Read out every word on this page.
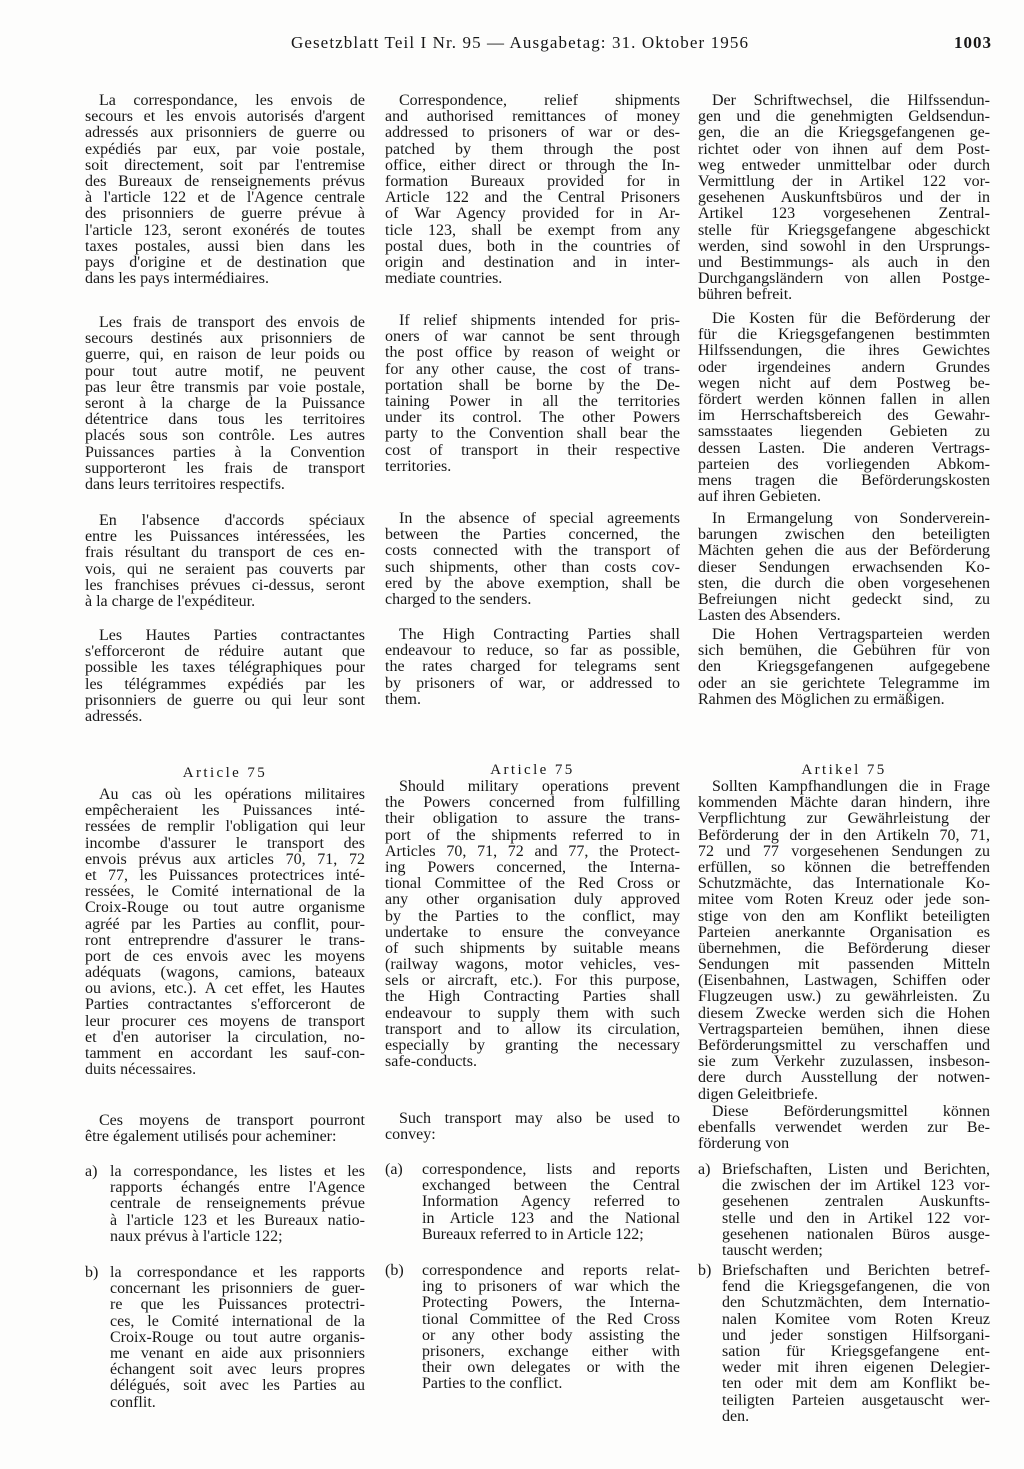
Gesetzblatt Teil I Nr. 95 — Ausgabetag: 31. Oktober 1956	1003
La correspondance, les envois de
secours et les envois autorisés d'argent
adressés aux prisonniers de guerre ou
expédiés par eux, par voie postale,
soit directement, soit par l'entremise
des Bureaux de renseignements prévus
à l'article 122 et de l'Agence centrale
des prisonniers de guerre prévue à
l'article 123, seront exonérés de toutes
taxes postales, aussi bien dans les
pays d'origine et de destination que
dans les pays intermédiaires.
Les frais de transport des envois de
secours destinés aux prisonniers de
guerre, qui, en raison de leur poids ou
pour tout autre motif, ne peuvent
pas leur être transmis par voie postale,
seront à la charge de la Puissance
détentrice dans tous les territoires
placés sous son contrôle. Les autres
Puissances parties à la Convention
supporteront les frais de transport
dans leurs territoires respectifs.
En l'absence d'accords spéciaux
entre les Puissances intéressées, les
frais résultant du transport de ces en-
vois, qui ne seraient pas couverts par
les franchises prévues ci-dessus, seront
à la charge de l'expéditeur.
Les Hautes Parties contractantes
s'efforceront de réduire autant que
possible les taxes télégraphiques pour
les télégrammes expédiés par les
prisonniers de guerre ou qui leur sont
adressés.
Article 75
Au cas où les opérations militaires
empêcheraient les Puissances inté-
ressées de remplir l'obligation qui leur
incombe d'assurer le transport des
envois prévus aux articles 70, 71, 72
et 77, les Puissances protectrices inté-
ressées, le Comité international de la
Croix-Rouge ou tout autre organisme
agréé par les Parties au conflit, pour-
ront entreprendre d'assurer le trans-
port de ces envois avec les moyens
adéquats (wagons, camions, bateaux
ou avions, etc.). A cet effet, les Hautes
Parties contractantes s'efforceront de
leur procurer ces moyens de transport
et d'en autoriser la circulation, no-
tamment en accordant les sauf-con-
duits nécessaires.
Ces moyens de transport pourront
être également utilisés pour acheminer:
a) la correspondance, les listes et les
rapports échangés entre l'Agence
centrale de renseignements prévue
à l'article 123 et les Bureaux natio-
naux prévus à l'article 122;
b) la correspondance et les rapports
concernant les prisonniers de guer-
re que les Puissances protectri-
ces, le Comité international de la
Croix-Rouge ou tout autre organis-
me venant en aide aux prisonniers
échangent soit avec leurs propres
délégués, soit avec les Parties au
conflit.
Correspondence, relief shipments
and authorised remittances of money
addressed to prisoners of war or des-
patched by them through the post
office, either direct or through the In-
formation Bureaux provided for in
Article 122 and the Central Prisoners
of War Agency provided for in Ar-
ticle 123, shall be exempt from any
postal dues, both in the countries of
origin and destination and in inter-
mediate countries.
If relief shipments intended for pris-
oners of war cannot be sent through
the post office by reason of weight or
for any other cause, the cost of trans-
portation shall be borne by the De-
taining Power in all the territories
under its control. The other Powers
party to the Convention shall bear the
cost of transport in their respective
territories.
In the absence of special agreements
between the Parties concerned, the
costs connected with the transport of
such shipments, other than costs cov-
ered by the above exemption, shall be
charged to the senders.
The High Contracting Parties shall
endeavour to reduce, so far as possible,
the rates charged for telegrams sent
by prisoners of war, or addressed to
them.
Article 75
Should military operations prevent
the Powers concerned from fulfilling
their obligation to assure the trans-
port of the shipments referred to in
Articles 70, 71, 72 and 77, the Protect-
ing Powers concerned, the Interna-
tional Committee of the Red Cross or
any other organisation duly approved
by the Parties to the conflict, may
undertake to ensure the conveyance
of such shipments by suitable means
(railway wagons, motor vehicles, ves-
sels or aircraft, etc.). For this purpose,
the High Contracting Parties shall
endeavour to supply them with such
transport and to allow its circulation,
especially by granting the necessary
safe-conducts.
Such transport may also be used to
convey:
(a) correspondence, lists and reports
exchanged between the Central
Information Agency referred to
in Article 123 and the National
Bureaux referred to in Article 122;
(b) correspondence and reports relat-
ing to prisoners of war which the
Protecting Powers, the Interna-
tional Committee of the Red Cross
or any other body assisting the
prisoners, exchange either with
their own delegates or with the
Parties to the conflict.
Der Schriftwechsel, die Hilfssendun-
gen und die genehmigten Geldsendun-
gen, die an die Kriegsgefangenen ge-
richtet oder von ihnen auf dem Post-
weg entweder unmittelbar oder durch
Vermittlung der in Artikel 122 vor-
gesehenen Auskunftsbüros und der in
Artikel 123 vorgesehenen Zentral-
stelle für Kriegsgefangene abgeschickt
werden, sind sowohl in den Ursprungs-
und Bestimmungs- als auch in den
Durchgangsländern von allen Postge-
bühren befreit.
Die Kosten für die Beförderung der
für die Kriegsgefangenen bestimmten
Hilfssendungen, die ihres Gewichtes
oder irgendeines andern Grundes
wegen nicht auf dem Postweg be-
fördert werden können fallen in allen
im Herrschaftsbereich des Gewahr-
samsstaates liegenden Gebieten zu
dessen Lasten. Die anderen Vertrags-
parteien des vorliegenden Abkom-
mens tragen die Beförderungskosten
auf ihren Gebieten.
In Ermangelung von Sonderverein-
barungen zwischen den beteiligten
Mächten gehen die aus der Beförderung
dieser Sendungen erwachsenden Ko-
sten, die durch die oben vorgesehenen
Befreiungen nicht gedeckt sind, zu
Lasten des Absenders.
Die Hohen Vertragsparteien werden
sich bemühen, die Gebühren für von
den Kriegsgefangenen aufgegebene
oder an sie gerichtete Telegramme im
Rahmen des Möglichen zu ermäßigen.
Artikel 75
Sollten Kampfhandlungen die in Frage
kommenden Mächte daran hindern, ihre
Verpflichtung zur Gewährleistung der
Beförderung der in den Artikeln 70, 71,
72 und 77 vorgesehenen Sendungen zu
erfüllen, so können die betreffenden
Schutzmächte, das Internationale Ko-
mitee vom Roten Kreuz oder jede son-
stige von den am Konflikt beteiligten
Parteien anerkannte Organisation es
übernehmen, die Beförderung dieser
Sendungen mit passenden Mitteln
(Eisenbahnen, Lastwagen, Schiffen oder
Flugzeugen usw.) zu gewährleisten. Zu
diesem Zwecke werden sich die Hohen
Vertragsparteien bemühen, ihnen diese
Beförderungsmittel zu verschaffen und
sie zum Verkehr zuzulassen, insbeson-
dere durch Ausstellung der notwen-
digen Geleitbriefe.
Diese Beförderungsmittel können
ebenfalls verwendet werden zur Be-
förderung von
a) Briefschaften, Listen und Berichten,
die zwischen der im Artikel 123 vor-
gesehenen zentralen Auskunfts-
stelle und den in Artikel 122 vor-
gesehenen nationalen Büros ausge-
tauscht werden;
b) Briefschaften und Berichten betref-
fend die Kriegsgefangenen, die von
den Schutzmächten, dem Internatio-
nalen Komitee vom Roten Kreuz
und jeder sonstigen Hilfsorgani-
sation für Kriegsgefangene ent-
weder mit ihren eigenen Delegier-
ten oder mit dem am Konflikt be-
teiligten Parteien ausgetauscht wer-
den.
